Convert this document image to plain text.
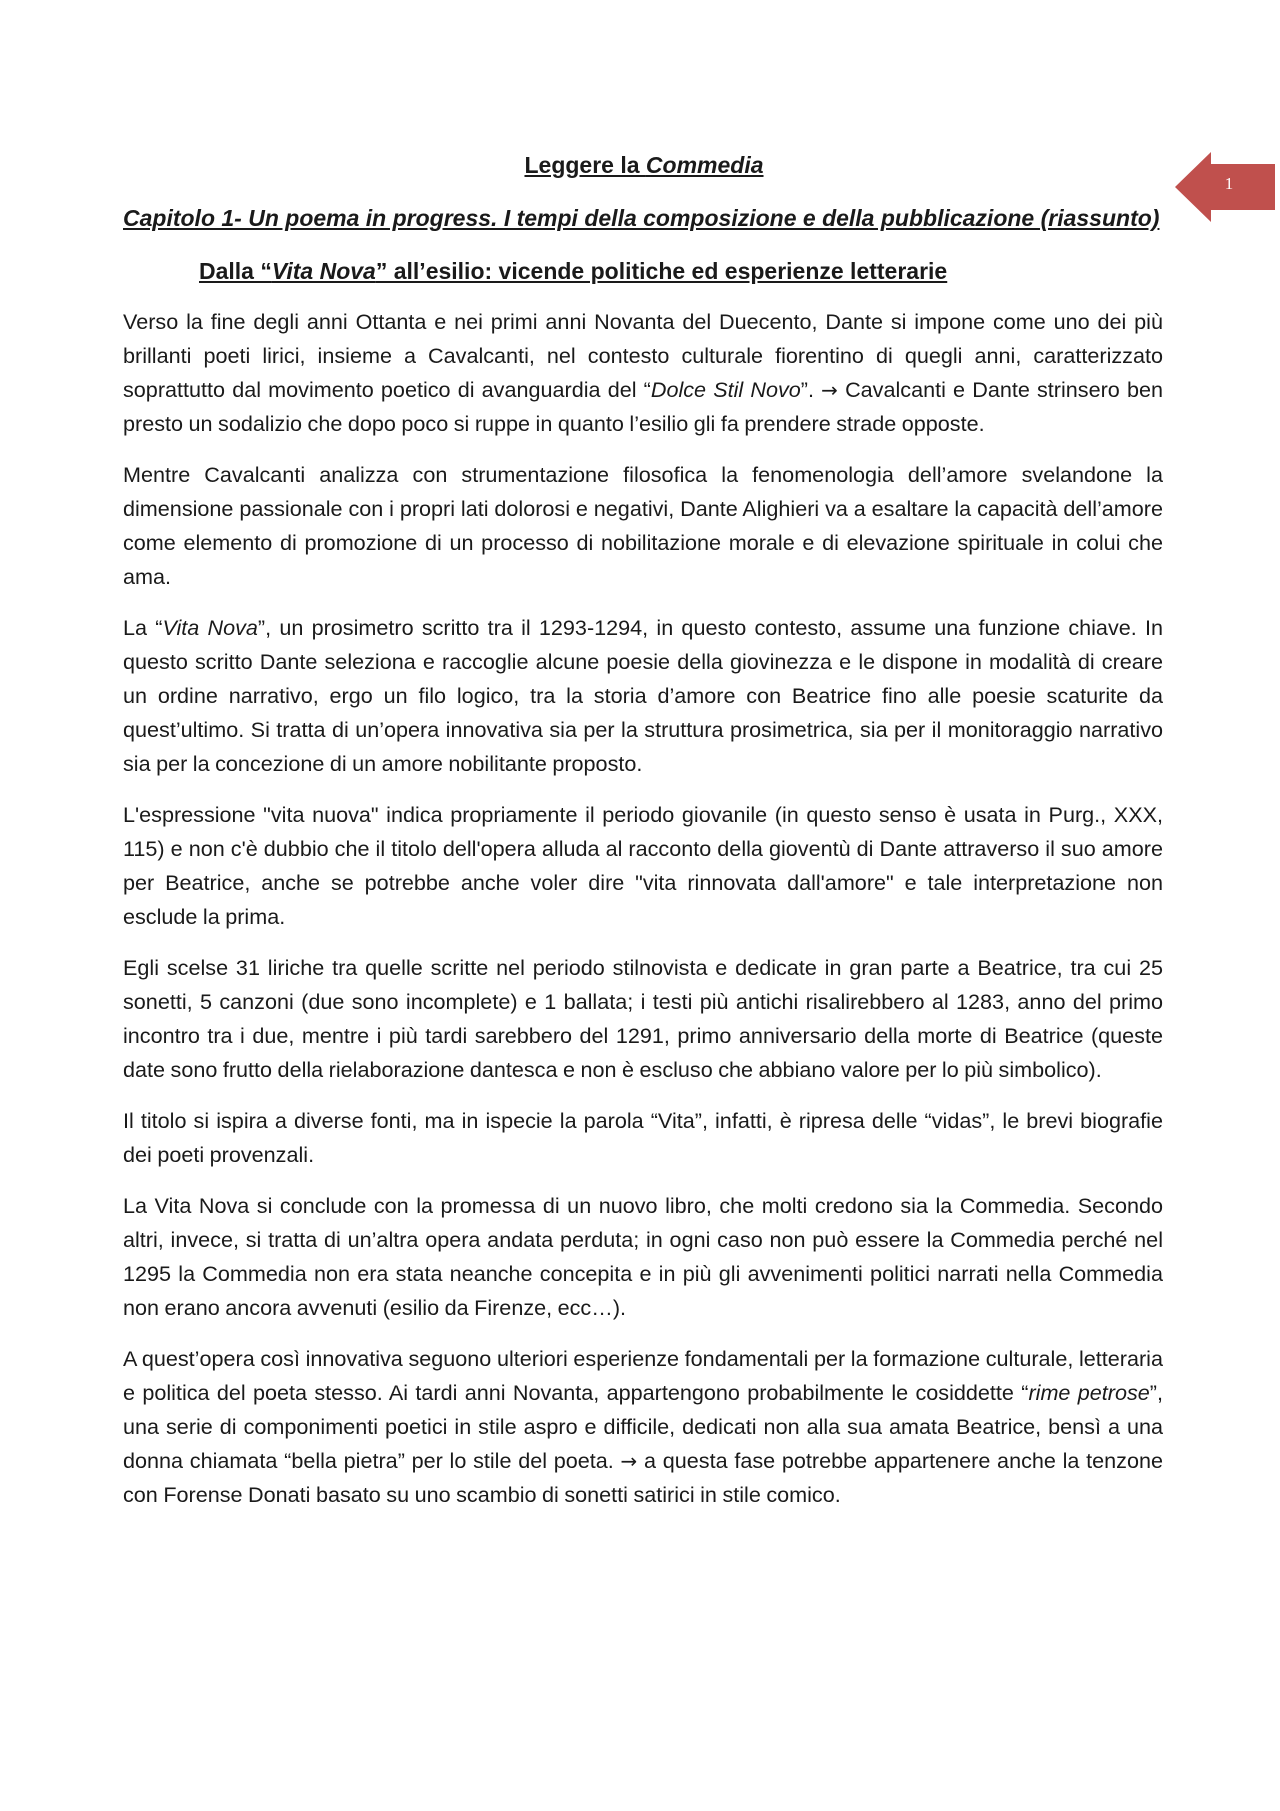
1
Leggere la Commedia
Capitolo 1- Un poema in progress. I tempi della composizione e della pubblicazione (riassunto)
Dalla “Vita Nova” all’esilio: vicende politiche ed esperienze letterarie

Verso la fine degli anni Ottanta e nei primi anni Novanta del Duecento, Dante si impone come uno dei più brillanti poeti lirici, insieme a Cavalcanti, nel contesto culturale fiorentino di quegli anni, caratterizzato soprattutto dal movimento poetico di avanguardia del “Dolce Stil Novo”. → Cavalcanti e Dante strinsero ben presto un sodalizio che dopo poco si ruppe in quanto l’esilio gli fa prendere strade opposte.

Mentre Cavalcanti analizza con strumentazione filosofica la fenomenologia dell’amore svelandone la dimensione passionale con i propri lati dolorosi e negativi, Dante Alighieri va a esaltare la capacità dell’amore come elemento di promozione di un processo di nobilitazione morale e di elevazione spirituale in colui che ama.

La “Vita Nova”, un prosimetro scritto tra il 1293-1294, in questo contesto, assume una funzione chiave. In questo scritto Dante seleziona e raccoglie alcune poesie della giovinezza e le dispone in modalità di creare un ordine narrativo, ergo un filo logico, tra la storia d’amore con Beatrice fino alle poesie scaturite da quest’ultimo. Si tratta di un’opera innovativa sia per la struttura prosimetrica, sia per il monitoraggio narrativo sia per la concezione di un amore nobilitante proposto.

L'espressione "vita nuova" indica propriamente il periodo giovanile (in questo senso è usata in Purg., XXX, 115) e non c'è dubbio che il titolo dell'opera alluda al racconto della gioventù di Dante attraverso il suo amore per Beatrice, anche se potrebbe anche voler dire "vita rinnovata dall'amore" e tale interpretazione non esclude la prima.

Egli scelse 31 liriche tra quelle scritte nel periodo stilnovista e dedicate in gran parte a Beatrice, tra cui 25 sonetti, 5 canzoni (due sono incomplete) e 1 ballata; i testi più antichi risalirebbero al 1283, anno del primo incontro tra i due, mentre i più tardi sarebbero del 1291, primo anniversario della morte di Beatrice (queste date sono frutto della rielaborazione dantesca e non è escluso che abbiano valore per lo più simbolico).

Il titolo si ispira a diverse fonti, ma in ispecie la parola “Vita”, infatti, è ripresa delle “vidas”, le brevi biografie dei poeti provenzali.

La Vita Nova si conclude con la promessa di un nuovo libro, che molti credono sia la Commedia. Secondo altri, invece, si tratta di un’altra opera andata perduta; in ogni caso non può essere la Commedia perché nel 1295 la Commedia non era stata neanche concepita e in più gli avvenimenti politici narrati nella Commedia non erano ancora avvenuti (esilio da Firenze, ecc…).

A quest’opera così innovativa seguono ulteriori esperienze fondamentali per la formazione culturale, letteraria e politica del poeta stesso. Ai tardi anni Novanta, appartengono probabilmente le cosiddette “rime petrose”, una serie di componimenti poetici in stile aspro e difficile, dedicati non alla sua amata Beatrice, bensì a una donna chiamata “bella pietra” per lo stile del poeta. → a questa fase potrebbe appartenere anche la tenzone con Forense Donati basato su uno scambio di sonetti satirici in stile comico.
